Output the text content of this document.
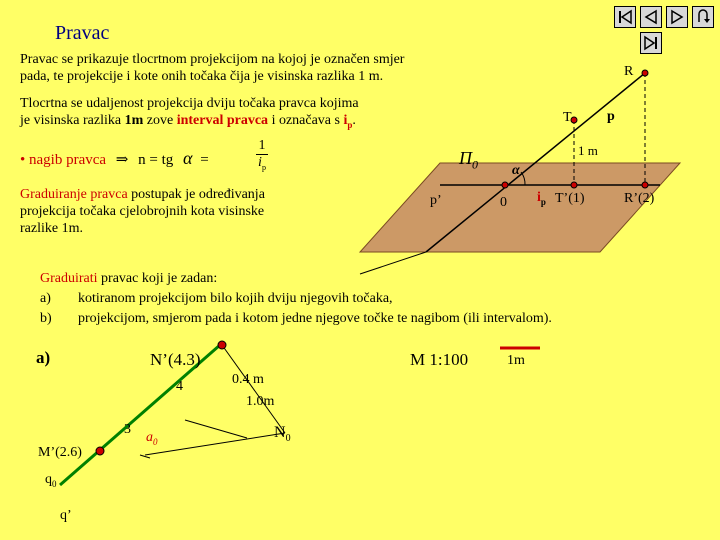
Pravac
Pravac se prikazuje tlocrtnom projekcijom na kojoj je označen smjer
pada, te projekcije i kote onih točaka čija je visinska razlika 1 m.
Tlocrtna se udaljenost projekcija dviju točaka pravca kojima
je visinska razlika 1m zove interval pravca i označava s $i_p$.
• nagib pravca ⇒ n = tg α =
1
$i_p$
Graduiranje pravca postupak je određivanja
projekcija točaka cjelobrojnih kota visinske
razlike 1m.
R
T	p
1 m
$\Pi_0$ α
p’	0 $i_p$ T’(1)	R’(2)
Graduirati pravac koji je zadan:
a) kotiranom projekcijom bilo kojih dviju njegovih točaka,
b) projekcijom, smjerom pada i kotom jedne njegove točke te nagibom (ili intervalom).
a)	N’(4.3)	M 1:100	1m
4	0.4 m
1.0m
3
$a_0$
$N_0$
M’(2.6)
$q_0$
q’
